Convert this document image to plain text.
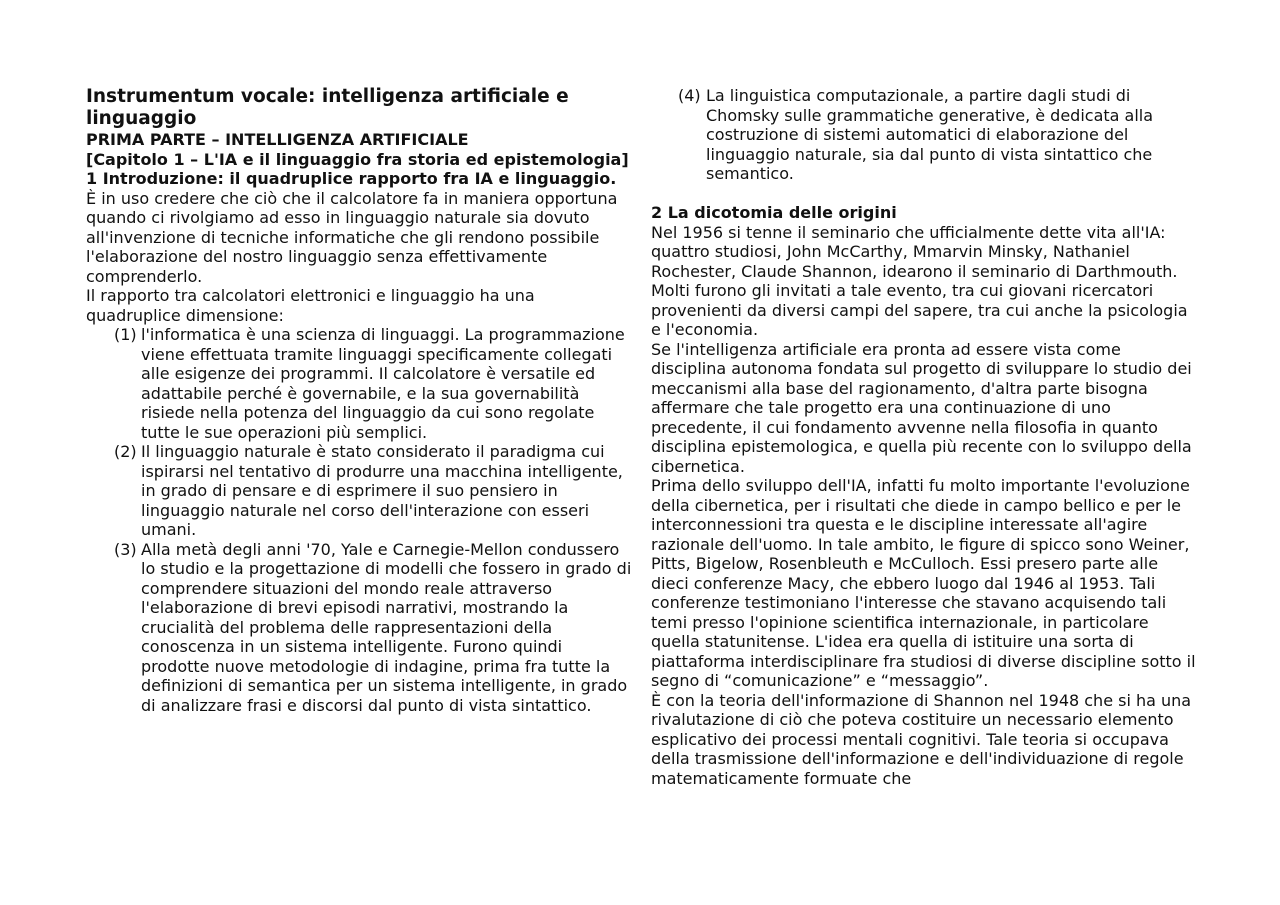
Instrumentum vocale: intelligenza artificiale e linguaggio

PRIMA PARTE – INTELLIGENZA ARTIFICIALE

[Capitolo 1 – L'IA e il linguaggio fra storia ed epistemologia]

1 Introduzione: il quadruplice rapporto fra IA e linguaggio.

È in uso credere che ciò che il calcolatore fa in maniera opportuna quando ci rivolgiamo ad esso in linguaggio naturale sia dovuto all'invenzione di tecniche informatiche che gli rendono possibile l'elaborazione del nostro linguaggio senza effettivamente comprenderlo.

Il rapporto tra calcolatori elettronici e linguaggio ha una quadruplice dimensione:

(1) l'informatica è una scienza di linguaggi. La programmazione viene effettuata tramite linguaggi specificamente collegati alle esigenze dei programmi. Il calcolatore è versatile ed adattabile perché è governabile, e la sua governabilità risiede nella potenza del linguaggio da cui sono regolate tutte le sue operazioni più semplici.
(2) Il linguaggio naturale è stato considerato il paradigma cui ispirarsi nel tentativo di produrre una macchina intelligente, in grado di pensare e di esprimere il suo pensiero in linguaggio naturale nel corso dell'interazione con esseri umani.
(3) Alla metà degli anni '70, Yale e Carnegie-Mellon condussero lo studio e la progettazione di modelli che fossero in grado di comprendere situazioni del mondo reale attraverso l'elaborazione di brevi episodi narrativi, mostrando la crucialità del problema delle rappresentazioni della conoscenza in un sistema intelligente. Furono quindi prodotte nuove metodologie di indagine, prima fra tutte la definizioni di semantica per un sistema intelligente, in grado di analizzare frasi e discorsi dal punto di vista sintattico.
(4) La linguistica computazionale, a partire dagli studi di Chomsky sulle grammatiche generative, è dedicata alla costruzione di sistemi automatici di elaborazione del linguaggio naturale, sia dal punto di vista sintattico che semantico.

2 La dicotomia delle origini

Nel 1956 si tenne il seminario che ufficialmente dette vita all'IA: quattro studiosi, John McCarthy, Mmarvin Minsky, Nathaniel Rochester, Claude Shannon, idearono il seminario di Darthmouth. Molti furono gli invitati a tale evento, tra cui giovani ricercatori provenienti da diversi campi del sapere, tra cui anche la psicologia e l'economia.

Se l'intelligenza artificiale era pronta ad essere vista come disciplina autonoma fondata sul progetto di sviluppare lo studio dei meccanismi alla base del ragionamento, d'altra parte bisogna affermare che tale progetto era una continuazione di uno precedente, il cui fondamento avvenne nella filosofia in quanto disciplina epistemologica, e quella più recente con lo sviluppo della cibernetica.

Prima dello sviluppo dell'IA, infatti fu molto importante l'evoluzione della cibernetica, per i risultati che diede in campo bellico e per le interconnessioni tra questa e le discipline interessate all'agire razionale dell'uomo. In tale ambito, le figure di spicco sono Weiner, Pitts, Bigelow, Rosenbleuth e McCulloch. Essi presero parte alle dieci conferenze Macy, che ebbero luogo dal 1946 al 1953. Tali conferenze testimoniano l'interesse che stavano acquisendo tali temi presso l'opinione scientifica internazionale, in particolare quella statunitense. L'idea era quella di istituire una sorta di piattaforma interdisciplinare fra studiosi di diverse discipline sotto il segno di “comunicazione” e “messaggio”.

È con la teoria dell'informazione di Shannon nel 1948 che si ha una rivalutazione di ciò che poteva costituire un necessario elemento esplicativo dei processi mentali cognitivi. Tale teoria si occupava della trasmissione dell'informazione e dell'individuazione di regole matematicamente formuate che
